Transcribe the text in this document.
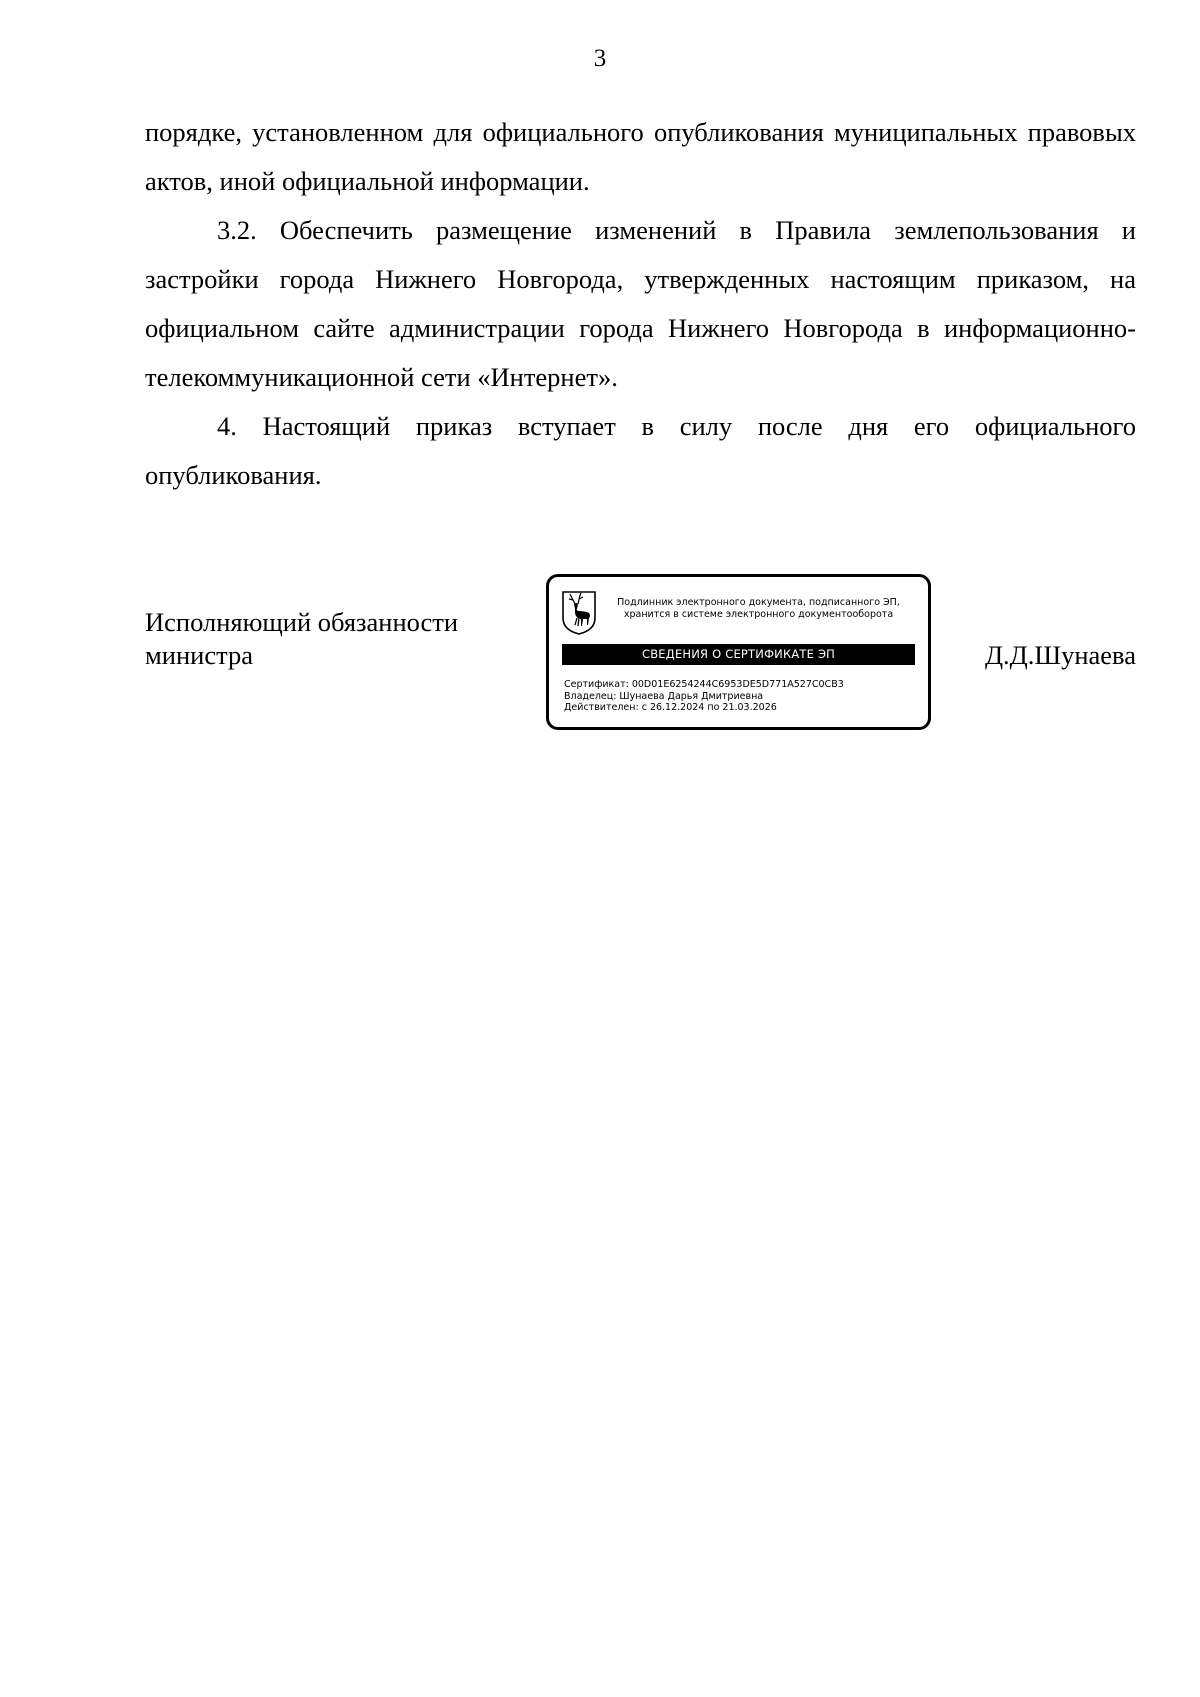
3

порядке, установленном для официального опубликования муниципальных правовых актов, иной официальной информации.

3.2. Обеспечить размещение изменений в Правила землепользования и застройки города Нижнего Новгорода, утвержденных настоящим приказом, на официальном сайте администрации города Нижнего Новгорода в информационно-телекоммуникационной сети «Интернет».

4. Настоящий приказ вступает в силу после дня его официального опубликования.

Исполняющий обязанности
министра
Подлинник электронного документа, подписанного ЭП,
хранится в системе электронного документооборота
СВЕДЕНИЯ О СЕРТИФИКАТЕ ЭП
Сертификат: 00D01E6254244C6953DE5D771A527C0CB3
Владелец: Шунаева Дарья Дмитриевна
Действителен: с 26.12.2024 по 21.03.2026
Д.Д.Шунаева
